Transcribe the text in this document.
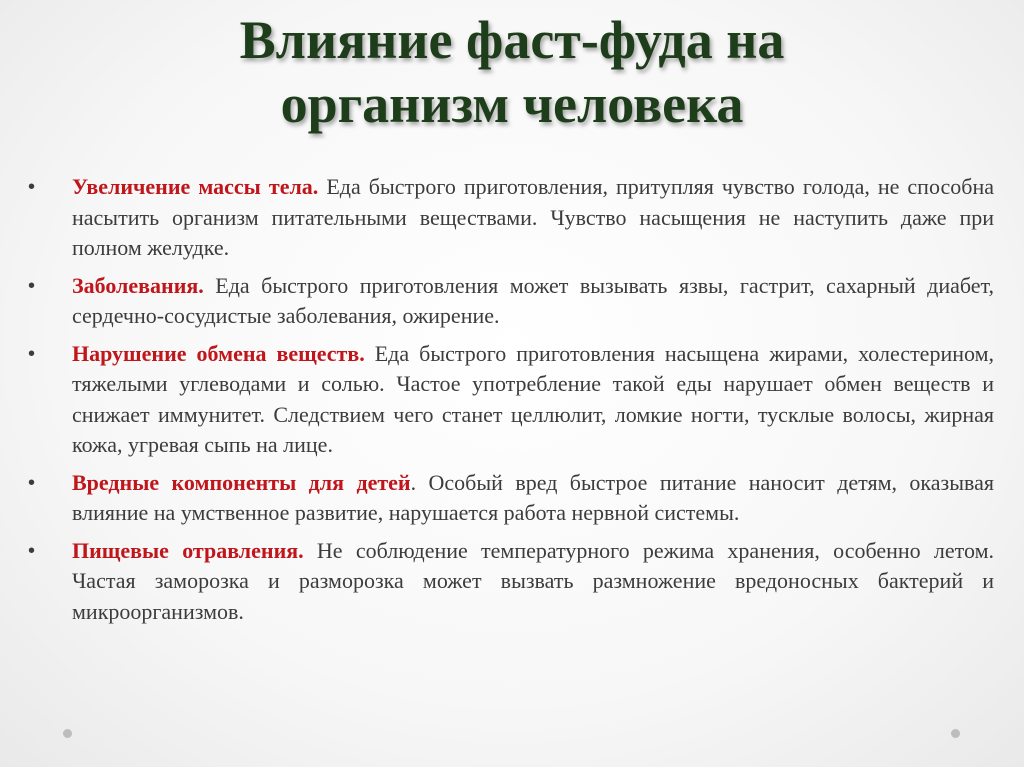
Влияние фаст-фуда на
организм человека
• Увеличение массы тела. Еда быстрого приготовления, притупляя чувство голода, не способна насытить организм питательными веществами. Чувство насыщения не наступить даже при полном желудке.
• Заболевания. Еда быстрого приготовления может вызывать язвы, гастрит, сахарный диабет, сердечно-сосудистые заболевания, ожирение.
• Нарушение обмена веществ. Еда быстрого приготовления насыщена жирами, холестерином, тяжелыми углеводами и солью. Частое употребление такой еды нарушает обмен веществ и снижает иммунитет. Следствием чего станет целлюлит, ломкие ногти, тусклые волосы, жирная кожа, угревая сыпь на лице.
• Вредные компоненты для детей. Особый вред быстрое питание наносит детям, оказывая влияние на умственное развитие, нарушается работа нервной системы.
• Пищевые отравления. Не соблюдение температурного режима хранения, особенно летом. Частая заморозка и разморозка может вызвать размножение вредоносных бактерий и микроорганизмов.
